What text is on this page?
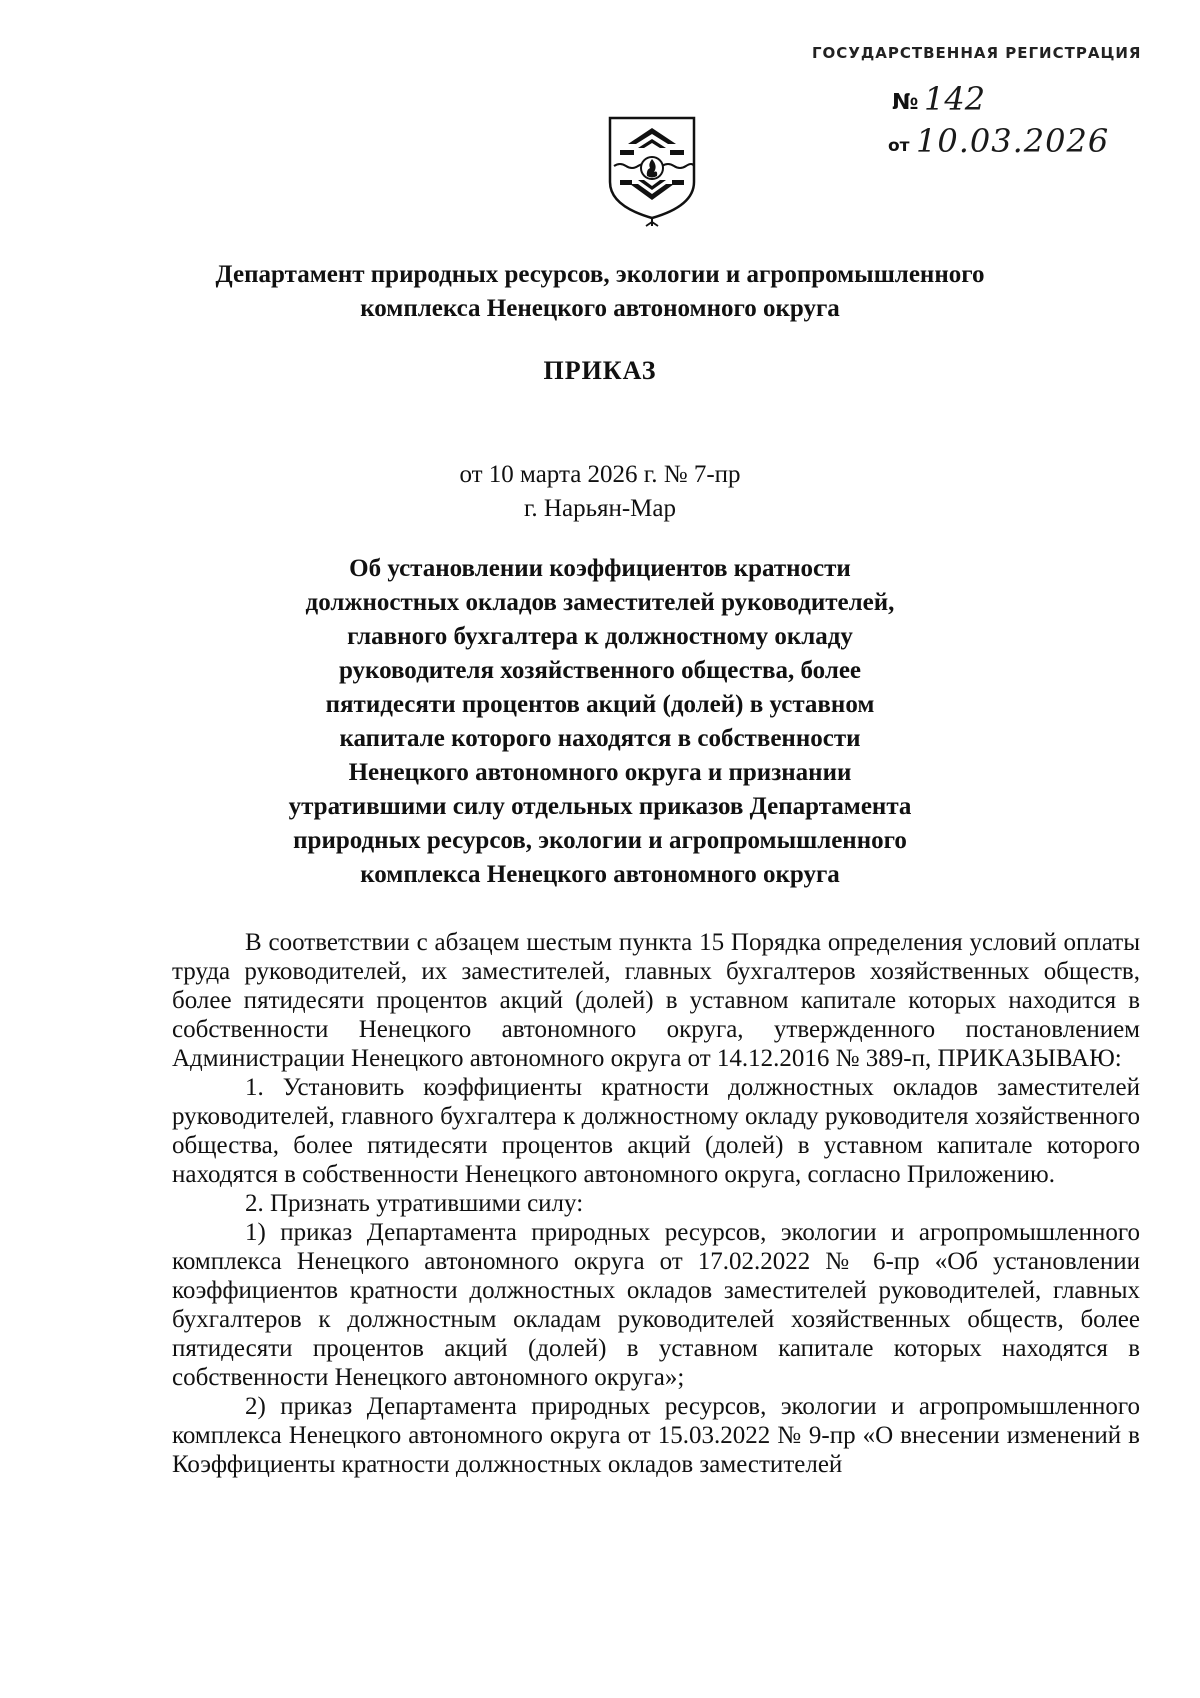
ГОСУДАРСТВЕННАЯ РЕГИСТРАЦИЯ
№ 142
от 10.03.2026
Департамент природных ресурсов, экологии и агропромышленного
комплекса Ненецкого автономного округа
ПРИКАЗ
от 10 марта 2026 г. № 7-пр
г. Нарьян-Мар
Об установлении коэффициентов кратности
должностных окладов заместителей руководителей,
главного бухгалтера к должностному окладу
руководителя хозяйственного общества, более
пятидесяти процентов акций (долей) в уставном
капитале которого находятся в собственности
Ненецкого автономного округа и признании
утратившими силу отдельных приказов Департамента
природных ресурсов, экологии и агропромышленного
комплекса Ненецкого автономного округа

В соответствии с абзацем шестым пункта 15 Порядка определения условий оплаты труда руководителей, их заместителей, главных бухгалтеров хозяйственных обществ, более пятидесяти процентов акций (долей) в уставном капитале которых находится в собственности Ненецкого автономного округа, утвержденного постановлением Администрации Ненецкого автономного округа от 14.12.2016 № 389-п, ПРИКАЗЫВАЮ:

1. Установить коэффициенты кратности должностных окладов заместителей руководителей, главного бухгалтера к должностному окладу руководителя хозяйственного общества, более пятидесяти процентов акций (долей) в уставном капитале которого находятся в собственности Ненецкого автономного округа, согласно Приложению.

2. Признать утратившими силу:

1) приказ Департамента природных ресурсов, экологии и агропромышленного комплекса Ненецкого автономного округа от 17.02.2022 № 6-пр «Об установлении коэффициентов кратности должностных окладов заместителей руководителей, главных бухгалтеров к должностным окладам руководителей хозяйственных обществ, более пятидесяти процентов акций (долей) в уставном капитале которых находятся в собственности Ненецкого автономного округа»;

2) приказ Департамента природных ресурсов, экологии и агропромышленного комплекса Ненецкого автономного округа от 15.03.2022 № 9-пр «О внесении изменений в Коэффициенты кратности должностных окладов заместителей
